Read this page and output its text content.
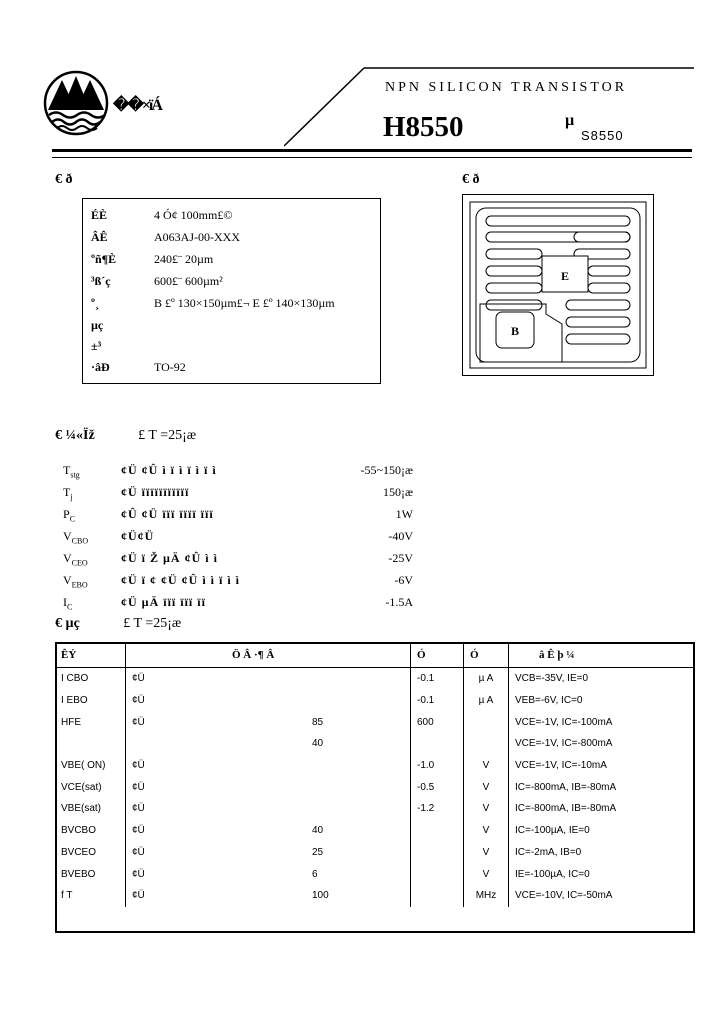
��×ïÁ
NPN SILICON TRANSISTOR
H8550	µ
S8550
€ ð
ÉÈ	4 Ó¢ 100mm£©
ÂÊ	A063AJ-00-XXX
ºñ¶È	240£¨ 20µm
³ß´ç	600£¨ 600µm²
º¸	B £º 130×150µm£¬ E £º 140×130µm
µç
±³
·âÐ	TO-92
€ ð
E
B
€ ¼«Ïž	£ T =25¡æ
$T_{stg}$	¢Ü ¢Û ì ï ì ï ì ï ì	-55~150¡æ
$T_j$	¢Ü ïïïïïïïïïïï	150¡æ
$P_C$	¢Û ¢Ü ïïï ïïïï ïïï	1W
$V_{CBO}$	¢Ü¢Ü	-40V
$V_{CEO}$	¢Ü ï Ž µÄ ¢Û ì ì	-25V
$V_{EBO}$	¢Ü ï ¢ ¢Ü ¢Û ì ì ï ì ì	-6V
$I_C$	¢Ü µÄ ïïï ïïï ïï	-1.5A
€ µç	£ T =25¡æ
ÊÝ		Ö Â ·¶ Â	Ó	Ó	â Ê þ ¼
I CBO	¢Ü		-0.1	µ A	VCB=-35V, IE=0
I EBO	¢Ü		-0.1	µ A	VEB=-6V, IC=0
HFE	¢Ü	85	600		VCE=-1V, IC=-100mA
		40			VCE=-1V, IC=-800mA
VBE( ON)	¢Ü		-1.0	V	VCE=-1V, IC=-10mA
VCE(sat)	¢Ü		-0.5	V	IC=-800mA, IB=-80mA
VBE(sat)	¢Ü		-1.2	V	IC=-800mA, IB=-80mA
BVCBO	¢Ü	40		V	IC=-100µA, IE=0
BVCEO	¢Ü	25		V	IC=-2mA, IB=0
BVEBO	¢Ü	6		V	IE=-100µA, IC=0
f T	¢Ü	100		MHz	VCE=-10V, IC=-50mA
